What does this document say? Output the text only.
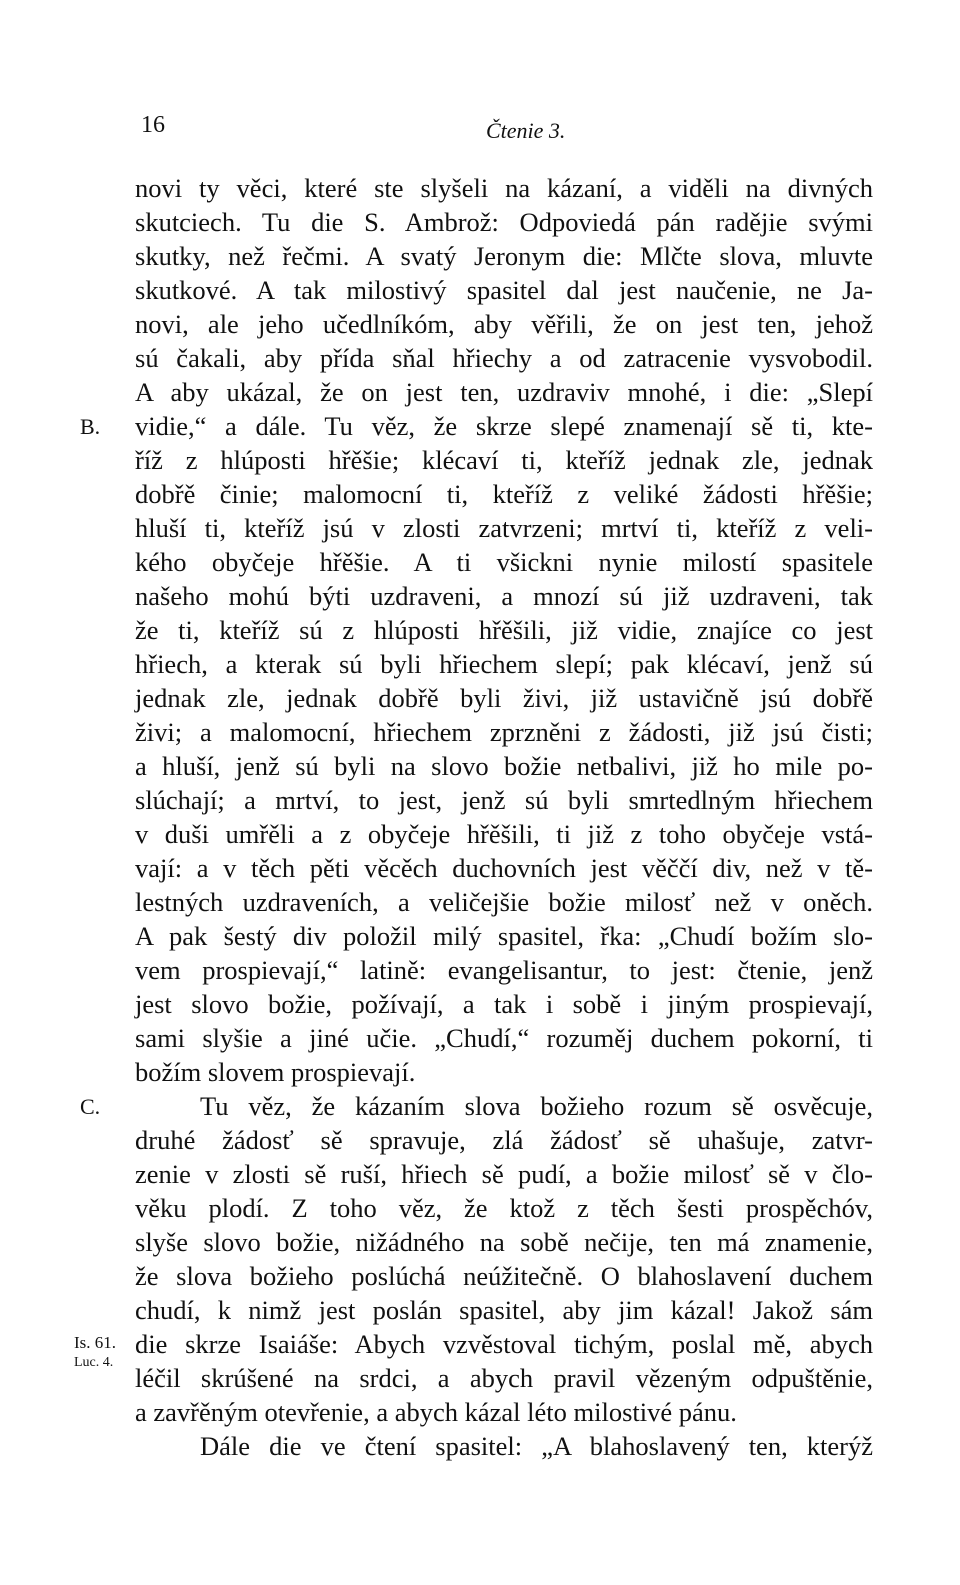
16	Čtenie 3.
novi ty věci, které ste slyšeli na kázaní, a viděli na divných
skutciech. Tu die S. Ambrož: Odpoviedá pán radějie svými
skutky, než řečmi. A svatý Jeronym die: Mlčte slova, mluvte
skutkové. A tak milostivý spasitel dal jest naučenie, ne Ja-
novi, ale jeho učedlníkóm, aby věřili, že on jest ten, jehož
sú čakali, aby přída sňal hřiechy a od zatracenie vysvobodil.
A aby ukázal, že on jest ten, uzdraviv mnohé, i die: „Slepí
vidie,“ a dále. Tu věz, že skrze slepé znamenají sě ti, kte-
říž z hlúposti hřěšie; klécaví ti, kteříž jednak zle, jednak
dobřě činie; malomocní ti, kteříž z veliké žádosti hřěšie;
hluší ti, kteříž jsú v zlosti zatvrzeni; mrtví ti, kteříž z veli-
kého obyčeje hřěšie. A ti všickni nynie milostí spasitele
našeho mohú býti uzdraveni, a mnozí sú již uzdraveni, tak
že ti, kteříž sú z hlúposti hřěšili, již vidie, znajíce co jest
hřiech, a kterak sú byli hřiechem slepí; pak klécaví, jenž sú
jednak zle, jednak dobřě byli živi, již ustavičně jsú dobřě
živi; a malomocní, hřiechem zprzněni z žádosti, již jsú čisti;
a hluší, jenž sú byli na slovo božie netbalivi, již ho mile po-
slúchají; a mrtví, to jest, jenž sú byli smrtedlným hřiechem
v duši umřěli a z obyčeje hřěšili, ti již z toho obyčeje vstá-
vají: a v těch pěti věcěch duchovních jest věččí div, než v tě-
lestných uzdraveních, a veličejšie božie milosť než v oněch.
A pak šestý div položil milý spasitel, řka: „Chudí božím slo-
vem prospievají,“ latině: evangelisantur, to jest: čtenie, jenž
jest slovo božie, požívají, a tak i sobě i jiným prospievají,
sami slyšie a jiné učie. „Chudí,“ rozuměj duchem pokorní, ti
božím slovem prospievají.
Tu věz, že kázaním slova božieho rozum sě osvěcuje,
druhé žádosť sě spravuje, zlá žádosť sě uhašuje, zatvr-
zenie v zlosti sě ruší, hřiech sě pudí, a božie milosť sě v člo-
věku plodí. Z toho věz, že ktož z těch šesti prospěchóv,
slyše slovo božie, nižádného na sobě nečije, ten má znamenie,
že slova božieho poslúchá neúžitečně. O blahoslavení duchem
chudí, k nimž jest poslán spasitel, aby jim kázal! Jakož sám
die skrze Isaiáše: Abych vzvěstoval tichým, poslal mě, abych
léčil skrúšené na srdci, a abych pravil vězeným odpuštěnie,
a zavřěným otevřenie, a abych kázal léto milostivé pánu.
Dále die ve čtení spasitel: „A blahoslavený ten, kterýž
B.
C.
Is. 61.
Luc. 4.
